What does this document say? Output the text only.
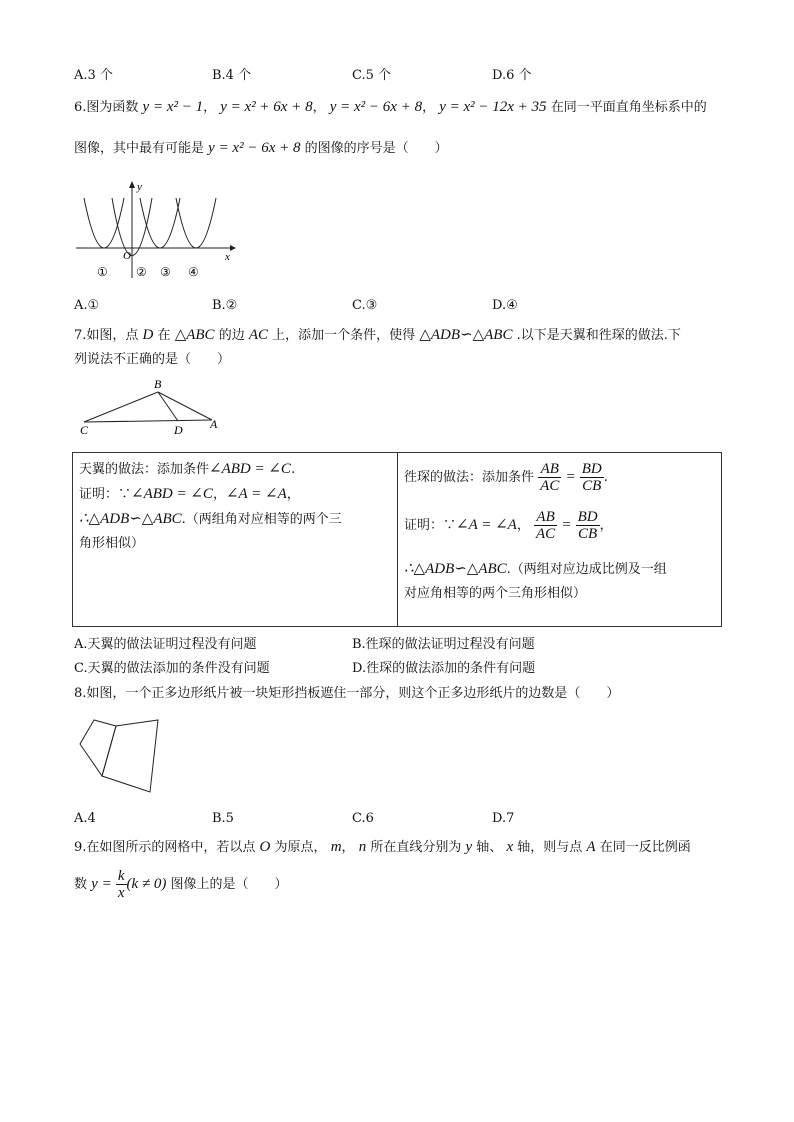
A.3 个	B.4 个	C.5 个	D.6 个
6.图为函数 y = x² − 1， y = x² + 6x + 8， y = x² − 6x + 8， y = x² − 12x + 35 在同一平面直角坐标系中的
图像，其中最有可能是 y = x² − 6x + 8 的图像的序号是（　　）
y
x
O
① ② ③ ④
A.①	B.②	C.③	D.④
7.如图，点 D 在 △ABC 的边 AC 上，添加一个条件，使得 △ADB∽△ABC .以下是天翼和徃琛的做法.下
列说法不正确的是（　　）
B
C	D A
天翼的做法：添加条件∠ABD = ∠C.
证明：∵∠ABD = ∠C，∠A = ∠A，
∴△ADB∽△ABC.（两组角对应相等的两个三
角形相似）

徃琛的做法：添加条件 $\frac{AB}{AC} = \frac{BD}{CB}$ .
证明：∵∠A = ∠A， $\frac{AB}{AC} = \frac{BD}{CB}$ ，
∴△ADB∽△ABC.（两组对应边成比例及一组
对应角相等的两个三角形相似）
A.天翼的做法证明过程没有问题	B.徃琛的做法证明过程没有问题
C.天翼的做法添加的条件没有问题	D.徃琛的做法添加的条件有问题
8.如图，一个正多边形纸片被一块矩形挡板遮住一部分，则这个正多边形纸片的边数是（　　）
A.4	B.5	C.6	D.7
9.在如图所示的网格中，若以点 O 为原点， m， n 所在直线分别为 y 轴、 x 轴，则与点 A 在同一反比例函
数 $y = \frac{k}{x} (k \ne 0)$ 图像上的是（　　）
